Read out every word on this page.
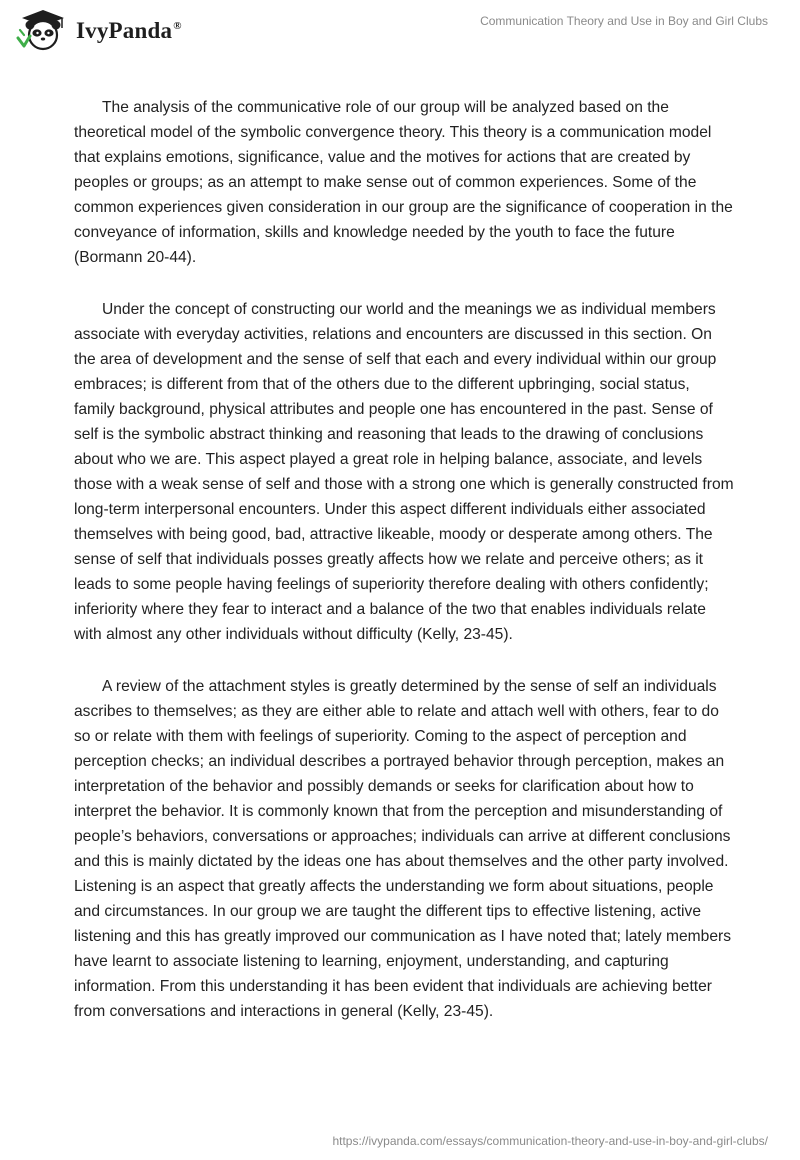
IvyPanda®	Communication Theory and Use in Boy and Girl Clubs

The analysis of the communicative role of our group will be analyzed based on the theoretical model of the symbolic convergence theory. This theory is a communication model that explains emotions, significance, value and the motives for actions that are created by peoples or groups; as an attempt to make sense out of common experiences. Some of the common experiences given consideration in our group are the significance of cooperation in the conveyance of information, skills and knowledge needed by the youth to face the future (Bormann 20-44).

Under the concept of constructing our world and the meanings we as individual members associate with everyday activities, relations and encounters are discussed in this section. On the area of development and the sense of self that each and every individual within our group embraces; is different from that of the others due to the different upbringing, social status, family background, physical attributes and people one has encountered in the past. Sense of self is the symbolic abstract thinking and reasoning that leads to the drawing of conclusions about who we are. This aspect played a great role in helping balance, associate, and levels those with a weak sense of self and those with a strong one which is generally constructed from long-term interpersonal encounters. Under this aspect different individuals either associated themselves with being good, bad, attractive likeable, moody or desperate among others. The sense of self that individuals posses greatly affects how we relate and perceive others; as it leads to some people having feelings of superiority therefore dealing with others confidently; inferiority where they fear to interact and a balance of the two that enables individuals relate with almost any other individuals without difficulty (Kelly, 23-45).

A review of the attachment styles is greatly determined by the sense of self an individuals ascribes to themselves; as they are either able to relate and attach well with others, fear to do so or relate with them with feelings of superiority. Coming to the aspect of perception and perception checks; an individual describes a portrayed behavior through perception, makes an interpretation of the behavior and possibly demands or seeks for clarification about how to interpret the behavior. It is commonly known that from the perception and misunderstanding of people’s behaviors, conversations or approaches; individuals can arrive at different conclusions and this is mainly dictated by the ideas one has about themselves and the other party involved. Listening is an aspect that greatly affects the understanding we form about situations, people and circumstances. In our group we are taught the different tips to effective listening, active listening and this has greatly improved our communication as I have noted that; lately members have learnt to associate listening to learning, enjoyment, understanding, and capturing information. From this understanding it has been evident that individuals are achieving better from conversations and interactions in general (Kelly, 23-45).

https://ivypanda.com/essays/communication-theory-and-use-in-boy-and-girl-clubs/
